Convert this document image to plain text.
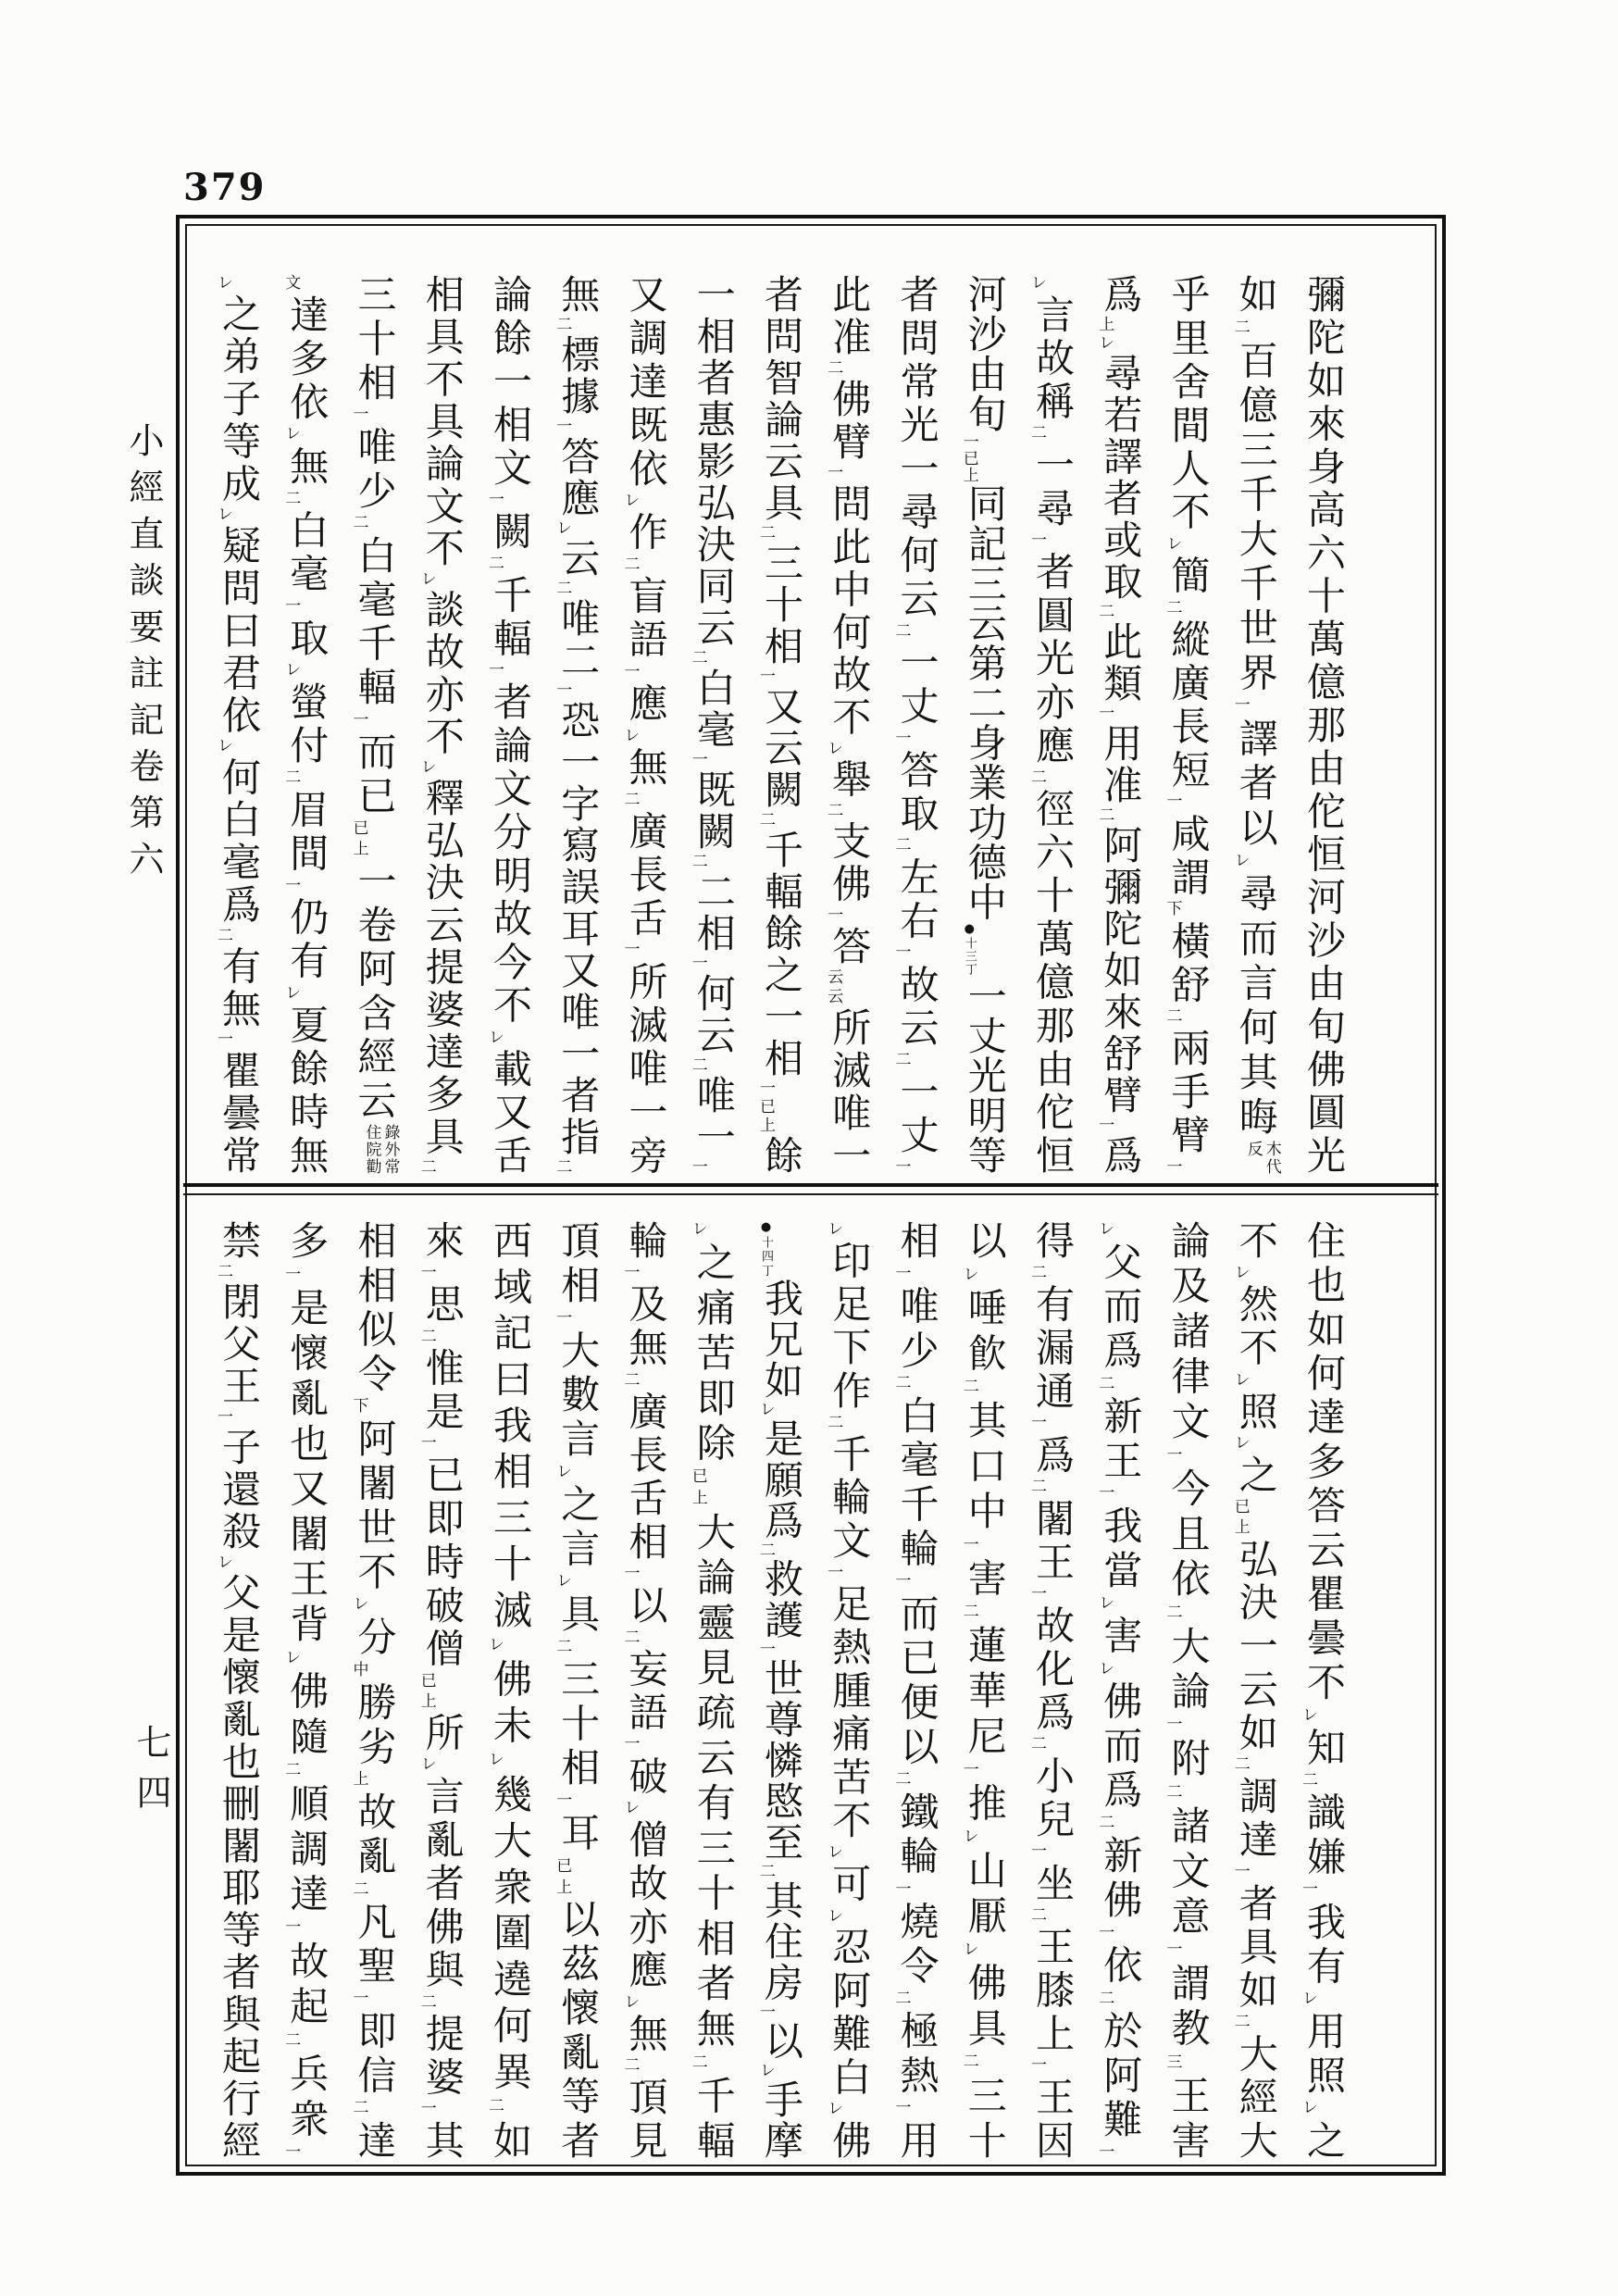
379
小經直談要註記卷第六
七四
彌陀如來身高六十萬億那由佗恒河沙由旬佛圓光
如二百億三千大千世界一譯者以レ尋而言何其晦木代反
乎里舍間人不レ簡二縱廣長短一咸謂下橫舒二兩手臂一
爲上レ尋若譯者或取二此類一用准二阿彌陀如來舒臂一爲
レ言故稱二一尋一者圓光亦應二徑六十萬億那由佗恒
河沙由旬一已上同記三云第二身業功德中●十三丁一丈光明等
者問常光一尋何云二一丈一答取二左右一故云二一丈一
此准二佛臂一問此中何故不レ舉二支佛一答云云所滅唯一
者問智論云具二三十相一又云闕二千輻餘之一相一已上餘
一相者惠影弘決同云二白毫一既闕二二相一何云二唯一一
又調達既依レ作二盲語一應レ無二廣長舌一所滅唯一旁
無二標據一答應レ云二唯二一恐一字寫誤耳又唯一者指二
論餘一相文一闕二千輻一者論文分明故今不レ載又舌
相具不具論文不レ談故亦不レ釋弘決云提婆達多具二
三十相一唯少二白毫千輻一而已已上一卷阿含經云錄外常住院勸
文達多依レ無二白毫一取レ螢付二眉間一仍有レ夏餘時無
レ之弟子等成レ疑問曰君依レ何白毫爲二有無一瞿曇常
住也如何達多答云瞿曇不レ知二識嫌一我有レ用照レ之
不レ然不レ照レ之已上弘決一云如二調達一者具如二大經大
論及諸律文一今且依二大論一附二諸文意一謂教三王害
レ父而爲二新王一我當レ害レ佛而爲二新佛一依二於阿難一
得二有漏通一爲二闍王一故化爲二小兒一坐二王膝上一王因
以レ唾飮二其口中一害二蓮華尼一推レ山厭レ佛具二三十
相一唯少二白毫千輪一而已便以二鐵輪一燒令二極熱一用
レ印足下作二千輪文一足熱腫痛苦不レ可レ忍阿難白レ佛
●十四丁我兄如レ是願爲二救護一世尊憐愍至二其住房一以レ手摩
レ之痛苦即除已上大論靈見疏云有三十相者無二千輻
輪一及無二廣長舌相一以二妄語一破レ僧故亦應レ無二頂見
頂相一大數言レ之言レ具二三十相一耳已上以茲懷亂等者
西域記曰我相三十滅レ佛未レ幾大衆圍遶何異二如
來一思二惟是一已即時破僧已上所レ言亂者佛與二提婆一其
相相似令下阿闍世不レ分中勝劣上故亂二凡聖一即信二達
多一是懷亂也又闍王背レ佛隨二順調達一故起二兵衆一
禁二閉父王一子還殺レ父是懷亂也刪闍耶等者與起行經
